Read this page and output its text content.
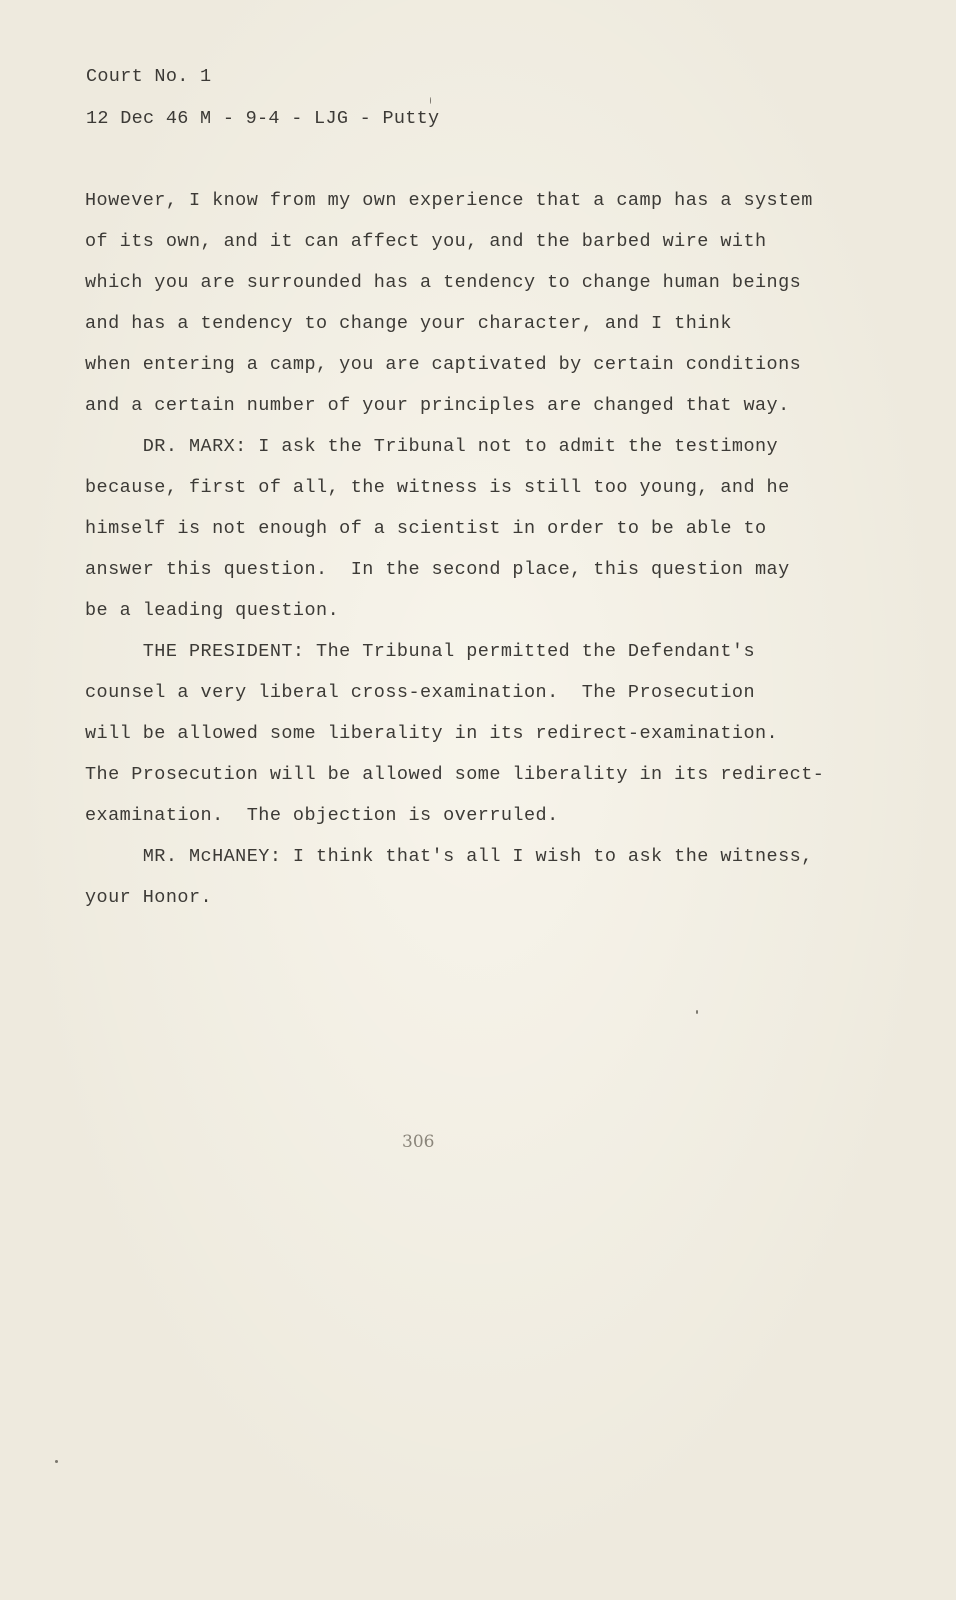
Court No. 1
12 Dec 46 M - 9-4 - LJG - Putty
However, I know from my own experience that a camp has a system
of its own, and it can affect you, and the barbed wire with
which you are surrounded has a tendency to change human beings
and has a tendency to change your character, and I think
when entering a camp, you are captivated by certain conditions
and a certain number of your principles are changed that way.
DR. MARX: I ask the Tribunal not to admit the testimony
because, first of all, the witness is still too young, and he
himself is not enough of a scientist in order to be able to
answer this question.  In the second place, this question may
be a leading question.
THE PRESIDENT: The Tribunal permitted the Defendant's
counsel a very liberal cross-examination.  The Prosecution
will be allowed some liberality in its redirect-examination.
The Prosecution will be allowed some liberality in its redirect-
examination.  The objection is overruled.
MR. McHANEY: I think that's all I wish to ask the witness,
your Honor.
306
